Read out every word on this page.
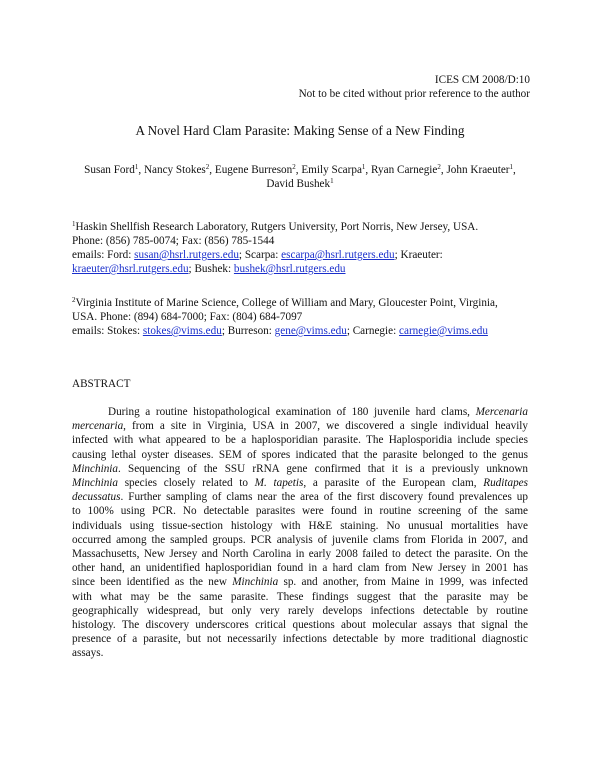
ICES CM 2008/D:10
Not to be cited without prior reference to the author
A Novel Hard Clam Parasite: Making Sense of a New Finding
Susan Ford$^1$, Nancy Stokes$^2$, Eugene Burreson$^2$, Emily Scarpa$^1$, Ryan Carnegie$^2$, John Kraeuter$^1$,
David Bushek$^1$
$^1$Haskin Shellfish Research Laboratory, Rutgers University, Port Norris, New Jersey, USA.
Phone: (856) 785-0074; Fax: (856) 785-1544
emails: Ford: susan@hsrl.rutgers.edu; Scarpa: escarpa@hsrl.rutgers.edu; Kraeuter:
kraeuter@hsrl.rutgers.edu; Bushek: bushek@hsrl.rutgers.edu
$^2$Virginia Institute of Marine Science, College of William and Mary, Gloucester Point, Virginia,
USA. Phone: (894) 684-7000; Fax: (804) 684-7097
emails: Stokes: stokes@vims.edu; Burreson: gene@vims.edu; Carnegie: carnegie@vims.edu
ABSTRACT
During a routine histopathological examination of 180 juvenile hard clams, Mercenaria
mercenaria, from a site in Virginia, USA in 2007, we discovered a single individual heavily
infected with what appeared to be a haplosporidian parasite. The Haplosporidia include species
causing lethal oyster diseases. SEM of spores indicated that the parasite belonged to the genus
Minchinia. Sequencing of the SSU rRNA gene confirmed that it is a previously unknown
Minchinia species closely related to M. tapetis, a parasite of the European clam, Ruditapes
decussatus. Further sampling of clams near the area of the first discovery found prevalences up
to 100% using PCR. No detectable parasites were found in routine screening of the same
individuals using tissue-section histology with H&E staining. No unusual mortalities have
occurred among the sampled groups. PCR analysis of juvenile clams from Florida in 2007, and
Massachusetts, New Jersey and North Carolina in early 2008 failed to detect the parasite. On the
other hand, an unidentified haplosporidian found in a hard clam from New Jersey in 2001 has
since been identified as the new Minchinia sp. and another, from Maine in 1999, was infected
with what may be the same parasite. These findings suggest that the parasite may be
geographically widespread, but only very rarely develops infections detectable by routine
histology. The discovery underscores critical questions about molecular assays that signal the
presence of a parasite, but not necessarily infections detectable by more traditional diagnostic
assays.
